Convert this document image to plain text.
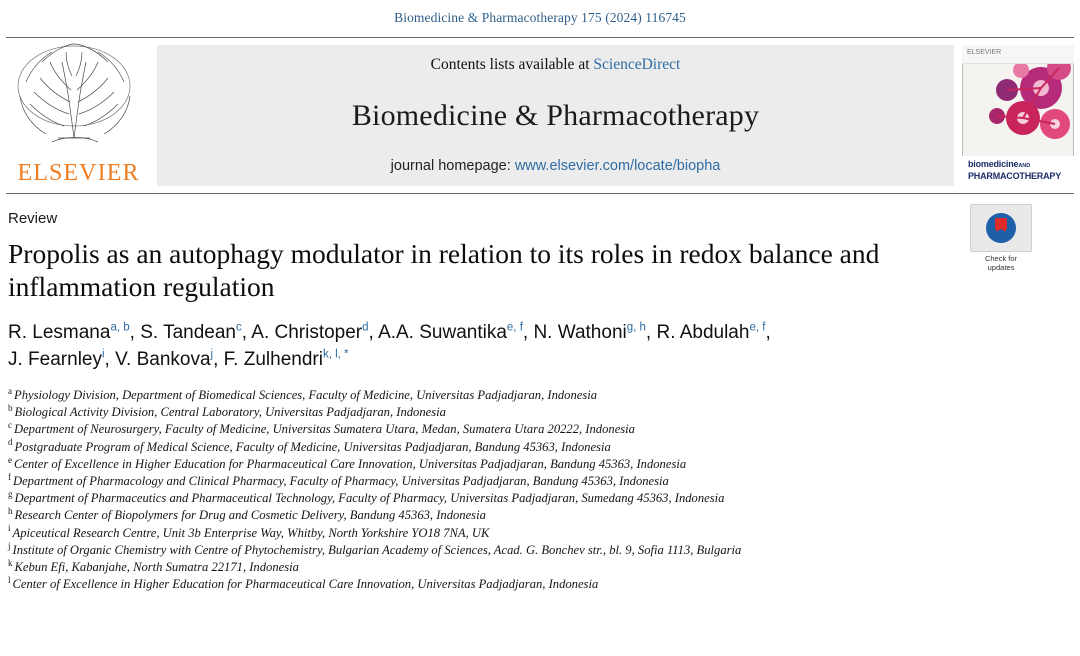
Biomedicine & Pharmacotherapy 175 (2024) 116745
ELSEVIER
Contents lists available at ScienceDirect
Biomedicine & Pharmacotherapy
journal homepage: www.elsevier.com/locate/biopha
ELSEVIER
biomedicineAND
PHARMACOTHERAPY
Check for
updates
Review
Propolis as an autophagy modulator in relation to its roles in redox balance and inflammation regulation
R. Lesmana$^{a, b}$, S. Tandean$^c$, A. Christoper$^d$, A.A. Suwantika$^{e, f}$, N. Wathoni$^{g, h}$, R. Abdulah$^{e, f}$,
J. Fearnley$^i$, V. Bankova$^j$, F. Zulhendri$^{k, l, *}$
$^a$ Physiology Division, Department of Biomedical Sciences, Faculty of Medicine, Universitas Padjadjaran, Indonesia
$^b$ Biological Activity Division, Central Laboratory, Universitas Padjadjaran, Indonesia
$^c$ Department of Neurosurgery, Faculty of Medicine, Universitas Sumatera Utara, Medan, Sumatera Utara 20222, Indonesia
$^d$ Postgraduate Program of Medical Science, Faculty of Medicine, Universitas Padjadjaran, Bandung 45363, Indonesia
$^e$ Center of Excellence in Higher Education for Pharmaceutical Care Innovation, Universitas Padjadjaran, Bandung 45363, Indonesia
$^f$ Department of Pharmacology and Clinical Pharmacy, Faculty of Pharmacy, Universitas Padjadjaran, Bandung 45363, Indonesia
$^g$ Department of Pharmaceutics and Pharmaceutical Technology, Faculty of Pharmacy, Universitas Padjadjaran, Sumedang 45363, Indonesia
$^h$ Research Center of Biopolymers for Drug and Cosmetic Delivery, Bandung 45363, Indonesia
$^i$ Apiceutical Research Centre, Unit 3b Enterprise Way, Whitby, North Yorkshire YO18 7NA, UK
$^j$ Institute of Organic Chemistry with Centre of Phytochemistry, Bulgarian Academy of Sciences, Acad. G. Bonchev str., bl. 9, Sofia 1113, Bulgaria
$^k$ Kebun Efi, Kabanjahe, North Sumatra 22171, Indonesia
$^l$ Center of Excellence in Higher Education for Pharmaceutical Care Innovation, Universitas Padjadjaran, Indonesia
